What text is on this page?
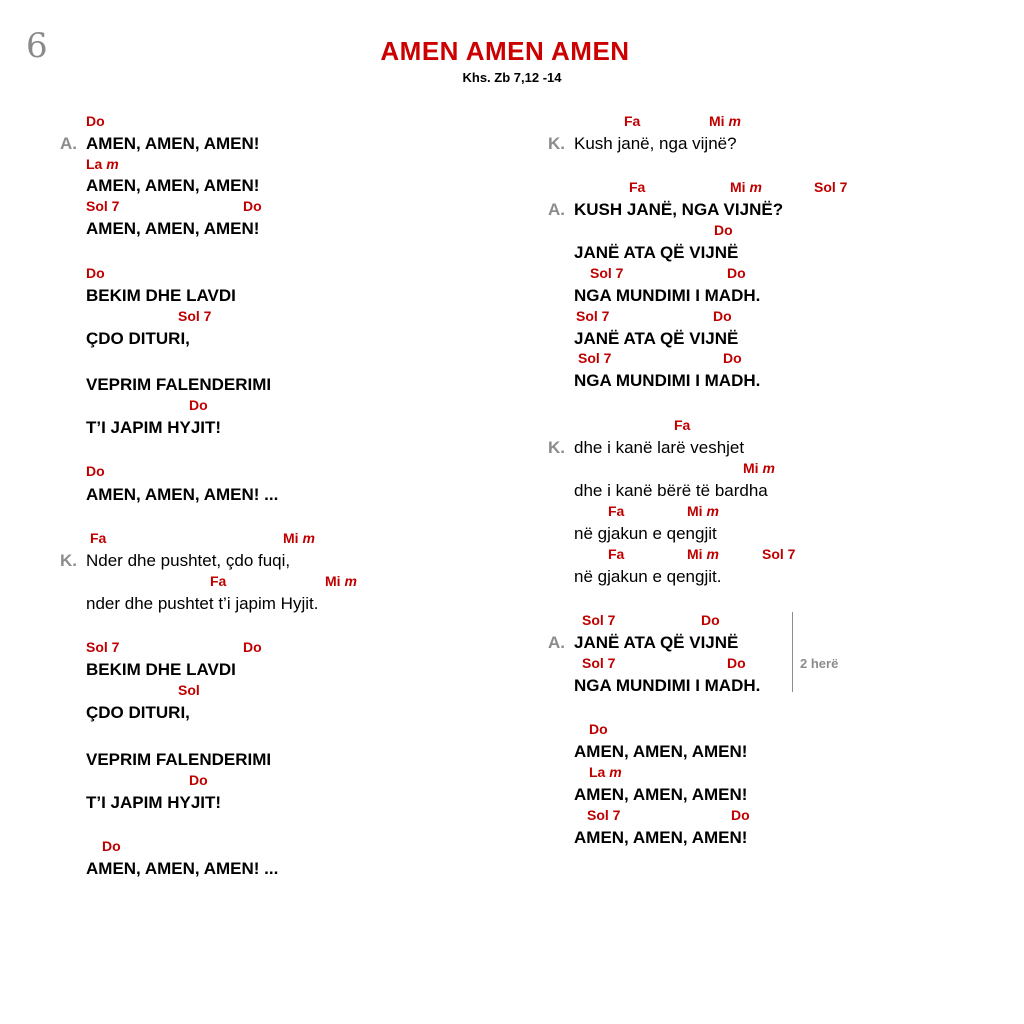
6	AMEN AMEN AMEN
Khs. Zb 7,12 -14
Do
A. AMEN, AMEN, AMEN!
La m
AMEN, AMEN, AMEN!
Sol 7	Do
AMEN, AMEN, AMEN!
Do
BEKIM DHE LAVDI
Sol 7
ÇDO DITURI,
VEPRIM FALENDERIMI
Do
T’I JAPIM HYJIT!
Do
AMEN, AMEN, AMEN! ...
Fa	Mi m
K. Nder dhe pushtet, çdo fuqi,
Fa	Mi m
nder dhe pushtet t’i japim Hyjit.
Sol 7	Do
BEKIM DHE LAVDI
Sol
ÇDO DITURI,
VEPRIM FALENDERIMI
Do
T’I JAPIM HYJIT!
Do
AMEN, AMEN, AMEN! ...
Fa	Mi m
K. Kush janë, nga vijnë?
Fa	Mi m	Sol 7
A. KUSH JANË, NGA VIJNË?
Do
JANË ATA QË VIJNË
Sol 7	Do
NGA MUNDIMI I MADH.
Sol 7	Do
JANË ATA QË VIJNË
Sol 7	Do
NGA MUNDIMI I MADH.
Fa
K. dhe i kanë larë veshjet
Mi m
dhe i kanë bërë të bardha
Fa	Mi m
në gjakun e qengjit
Fa	Mi m	Sol 7
në gjakun e qengjit.
Sol 7	Do
A. JANË ATA QË VIJNË
Sol 7	Do
NGA MUNDIMI I MADH.
Do
AMEN, AMEN, AMEN!
La m
AMEN, AMEN, AMEN!
Sol 7	Do
AMEN, AMEN, AMEN!
2 herë
